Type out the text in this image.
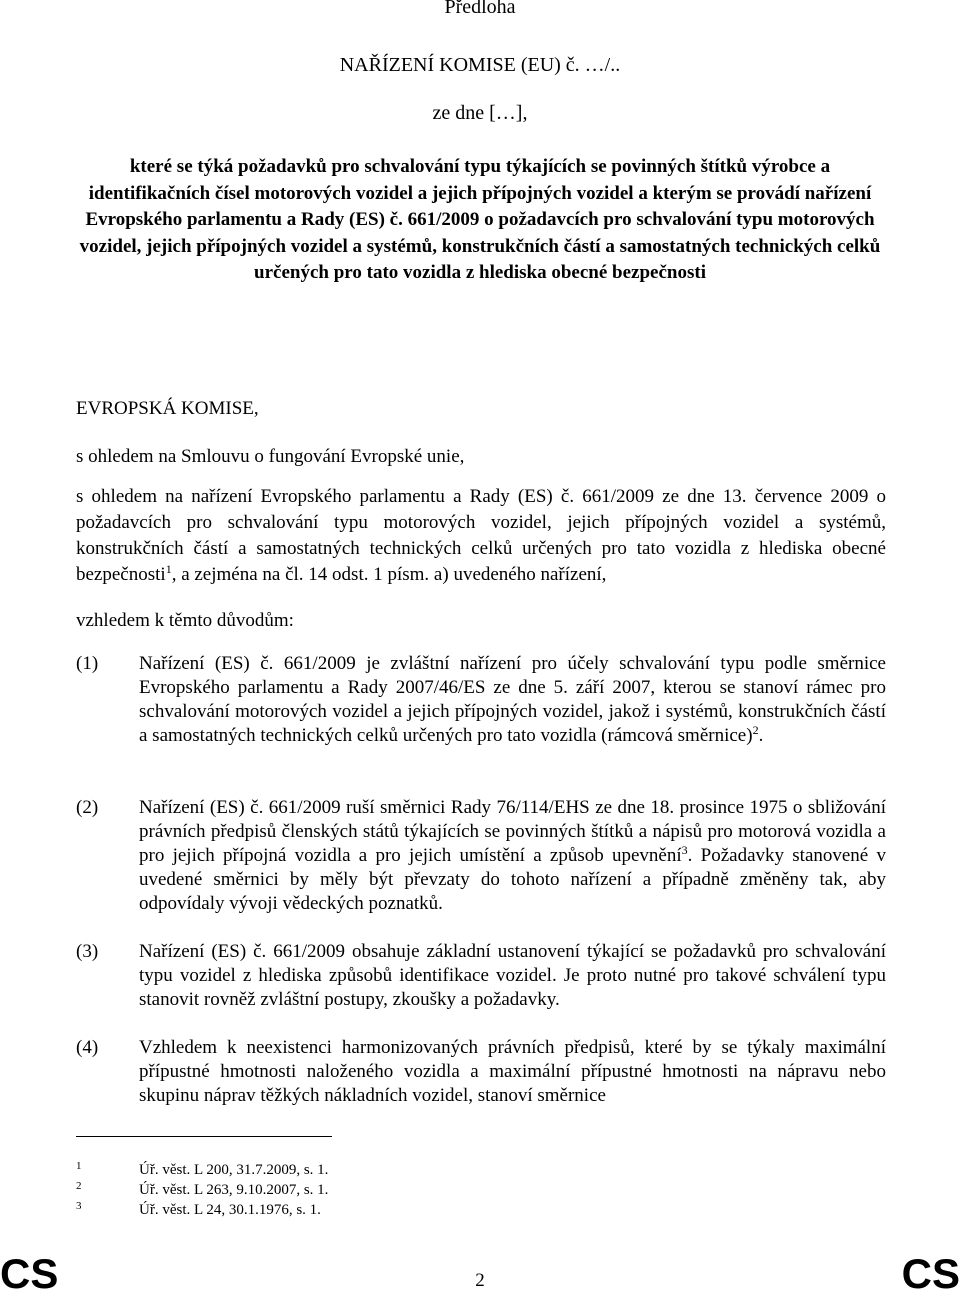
Předloha
NAŘÍZENÍ KOMISE (EU) č. …/..
ze dne […],
které se týká požadavků pro schvalování typu týkajících se povinných štítků výrobce a identifikačních čísel motorových vozidel a jejich přípojných vozidel a kterým se provádí nařízení Evropského parlamentu a Rady (ES) č. 661/2009 o požadavcích pro schvalování typu motorových vozidel, jejich přípojných vozidel a systémů, konstrukčních částí a samostatných technických celků určených pro tato vozidla z hlediska obecné bezpečnosti
EVROPSKÁ KOMISE,
s ohledem na Smlouvu o fungování Evropské unie,
s ohledem na nařízení Evropského parlamentu a Rady (ES) č. 661/2009 ze dne 13. července 2009 o požadavcích pro schvalování typu motorových vozidel, jejich přípojných vozidel a systémů, konstrukčních částí a samostatných technických celků určených pro tato vozidla z hlediska obecné bezpečnosti$^1$, a zejména na čl. 14 odst. 1 písm. a) uvedeného nařízení,
vzhledem k těmto důvodům:
(1) Nařízení (ES) č. 661/2009 je zvláštní nařízení pro účely schvalování typu podle směrnice Evropského parlamentu a Rady 2007/46/ES ze dne 5. září 2007, kterou se stanoví rámec pro schvalování motorových vozidel a jejich přípojných vozidel, jakož i systémů, konstrukčních částí a samostatných technických celků určených pro tato vozidla (rámcová směrnice)$^2$.
(2) Nařízení (ES) č. 661/2009 ruší směrnici Rady 76/114/EHS ze dne 18. prosince 1975 o sbližování právních předpisů členských států týkajících se povinných štítků a nápisů pro motorová vozidla a pro jejich přípojná vozidla a pro jejich umístění a způsob upevnění$^3$. Požadavky stanovené v uvedené směrnici by měly být převzaty do tohoto nařízení a případně změněny tak, aby odpovídaly vývoji vědeckých poznatků.
(3) Nařízení (ES) č. 661/2009 obsahuje základní ustanovení týkající se požadavků pro schvalování typu vozidel z hlediska způsobů identifikace vozidel. Je proto nutné pro takové schválení typu stanovit rovněž zvláštní postupy, zkoušky a požadavky.
(4) Vzhledem k neexistenci harmonizovaných právních předpisů, které by se týkaly maximální přípustné hmotnosti naloženého vozidla a maximální přípustné hmotnosti na nápravu nebo skupinu náprav těžkých nákladních vozidel, stanoví směrnice
1	Úř. věst. L 200, 31.7.2009, s. 1.
2	Úř. věst. L 263, 9.10.2007, s. 1.
3	Úř. věst. L 24, 30.1.1976, s. 1.
CS	2	CS
